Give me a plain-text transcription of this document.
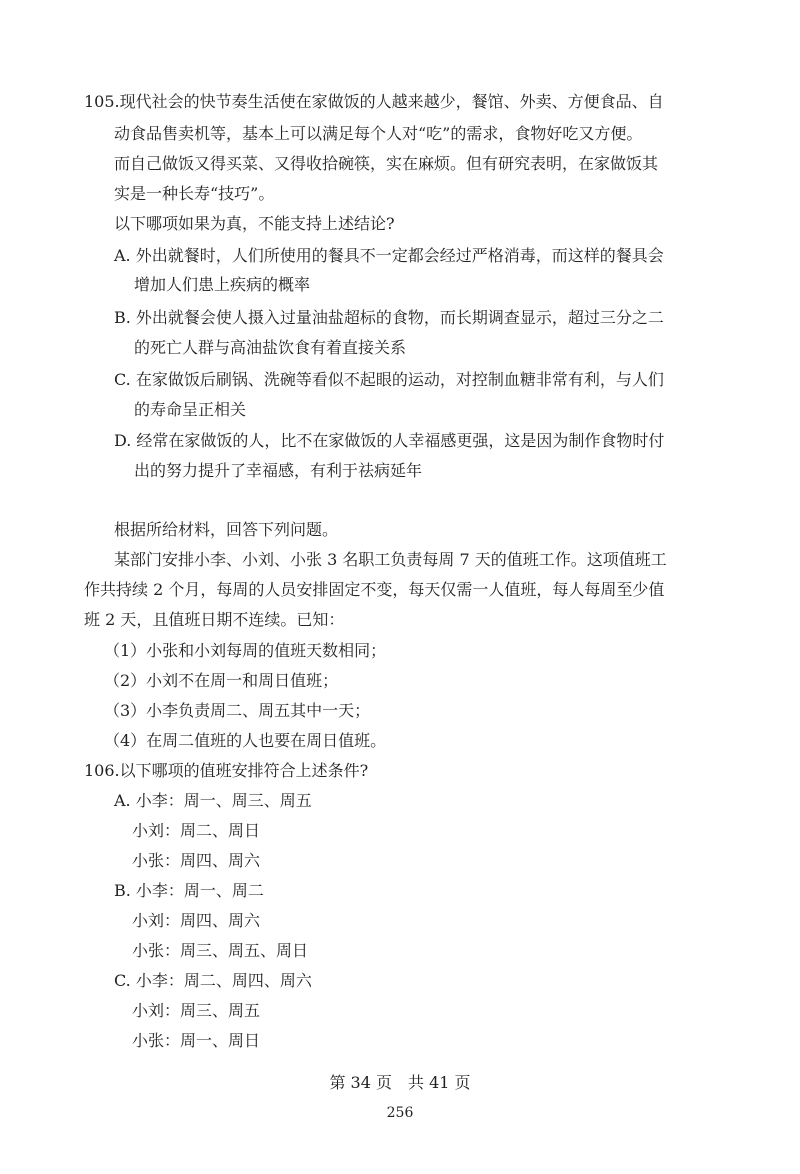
105.现代社会的快节奏生活使在家做饭的人越来越少，餐馆、外卖、方便食品、自
动食品售卖机等，基本上可以满足每个人对“吃”的需求，食物好吃又方便。
而自己做饭又得买菜、又得收拾碗筷，实在麻烦。但有研究表明，在家做饭其
实是一种长寿“技巧”。
以下哪项如果为真，不能支持上述结论?
A. 外出就餐时，人们所使用的餐具不一定都会经过严格消毒，而这样的餐具会
增加人们患上疾病的概率
B. 外出就餐会使人摄入过量油盐超标的食物，而长期调查显示，超过三分之二
的死亡人群与高油盐饮食有着直接关系
C. 在家做饭后刷锅、洗碗等看似不起眼的运动，对控制血糖非常有利，与人们
的寿命呈正相关
D. 经常在家做饭的人，比不在家做饭的人幸福感更强，这是因为制作食物时付
出的努力提升了幸福感，有利于祛病延年
根据所给材料，回答下列问题。
某部门安排小李、小刘、小张 3 名职工负责每周 7 天的值班工作。这项值班工
作共持续 2 个月，每周的人员安排固定不变，每天仅需一人值班，每人每周至少值
班 2 天，且值班日期不连续。已知：
（1）小张和小刘每周的值班天数相同；
（2）小刘不在周一和周日值班；
（3）小李负责周二、周五其中一天；
（4）在周二值班的人也要在周日值班。
106.以下哪项的值班安排符合上述条件?
A. 小李：周一、周三、周五
小刘：周二、周日
小张：周四、周六
B. 小李：周一、周二
小刘：周四、周六
小张：周三、周五、周日
C. 小李：周二、周四、周六
小刘：周三、周五
小张：周一、周日
第 34 页　共 41 页
256
